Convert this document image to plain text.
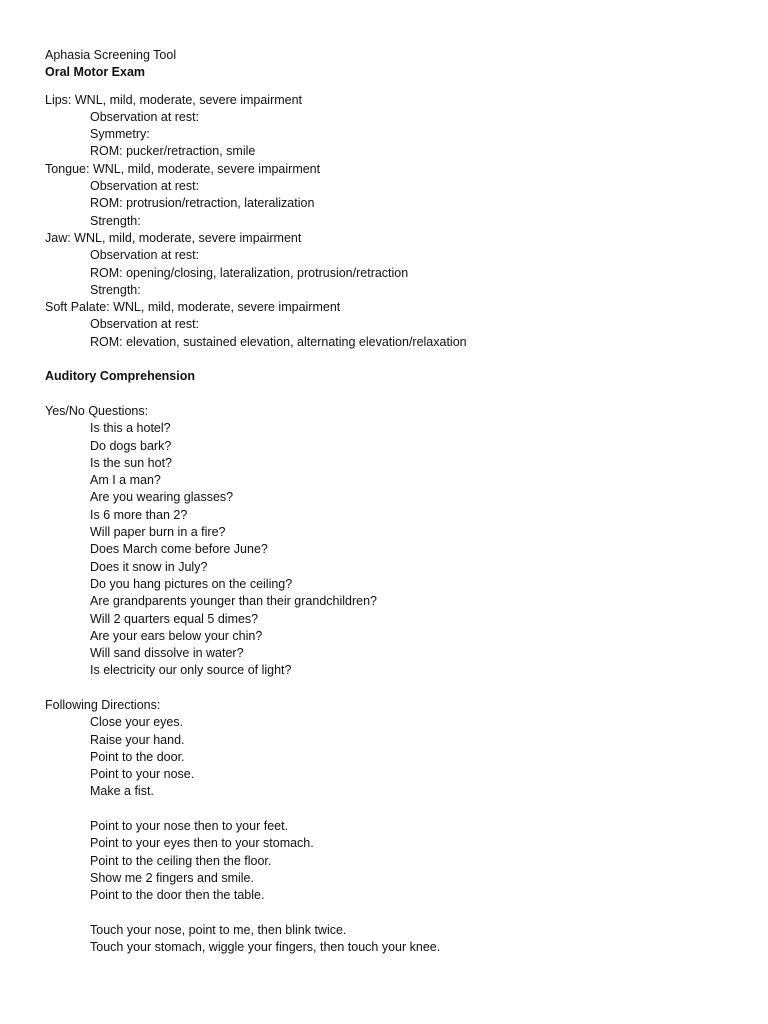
Aphasia Screening Tool
Oral Motor Exam
Lips: WNL, mild, moderate, severe impairment
Observation at rest:
Symmetry:
ROM: pucker/retraction, smile
Tongue: WNL, mild, moderate, severe impairment
Observation at rest:
ROM: protrusion/retraction, lateralization
Strength:
Jaw: WNL, mild, moderate, severe impairment
Observation at rest:
ROM: opening/closing, lateralization, protrusion/retraction
Strength:
Soft Palate: WNL, mild, moderate, severe impairment
Observation at rest:
ROM: elevation, sustained elevation, alternating elevation/relaxation
Auditory Comprehension
Yes/No Questions:
Is this a hotel?
Do dogs bark?
Is the sun hot?
Am I a man?
Are you wearing glasses?
Is 6 more than 2?
Will paper burn in a fire?
Does March come before June?
Does it snow in July?
Do you hang pictures on the ceiling?
Are grandparents younger than their grandchildren?
Will 2 quarters equal 5 dimes?
Are your ears below your chin?
Will sand dissolve in water?
Is electricity our only source of light?
Following Directions:
Close your eyes.
Raise your hand.
Point to the door.
Point to your nose.
Make a fist.
Point to your nose then to your feet.
Point to your eyes then to your stomach.
Point to the ceiling then the floor.
Show me 2 fingers and smile.
Point to the door then the table.
Touch your nose, point to me, then blink twice.
Touch your stomach, wiggle your fingers, then touch your knee.
